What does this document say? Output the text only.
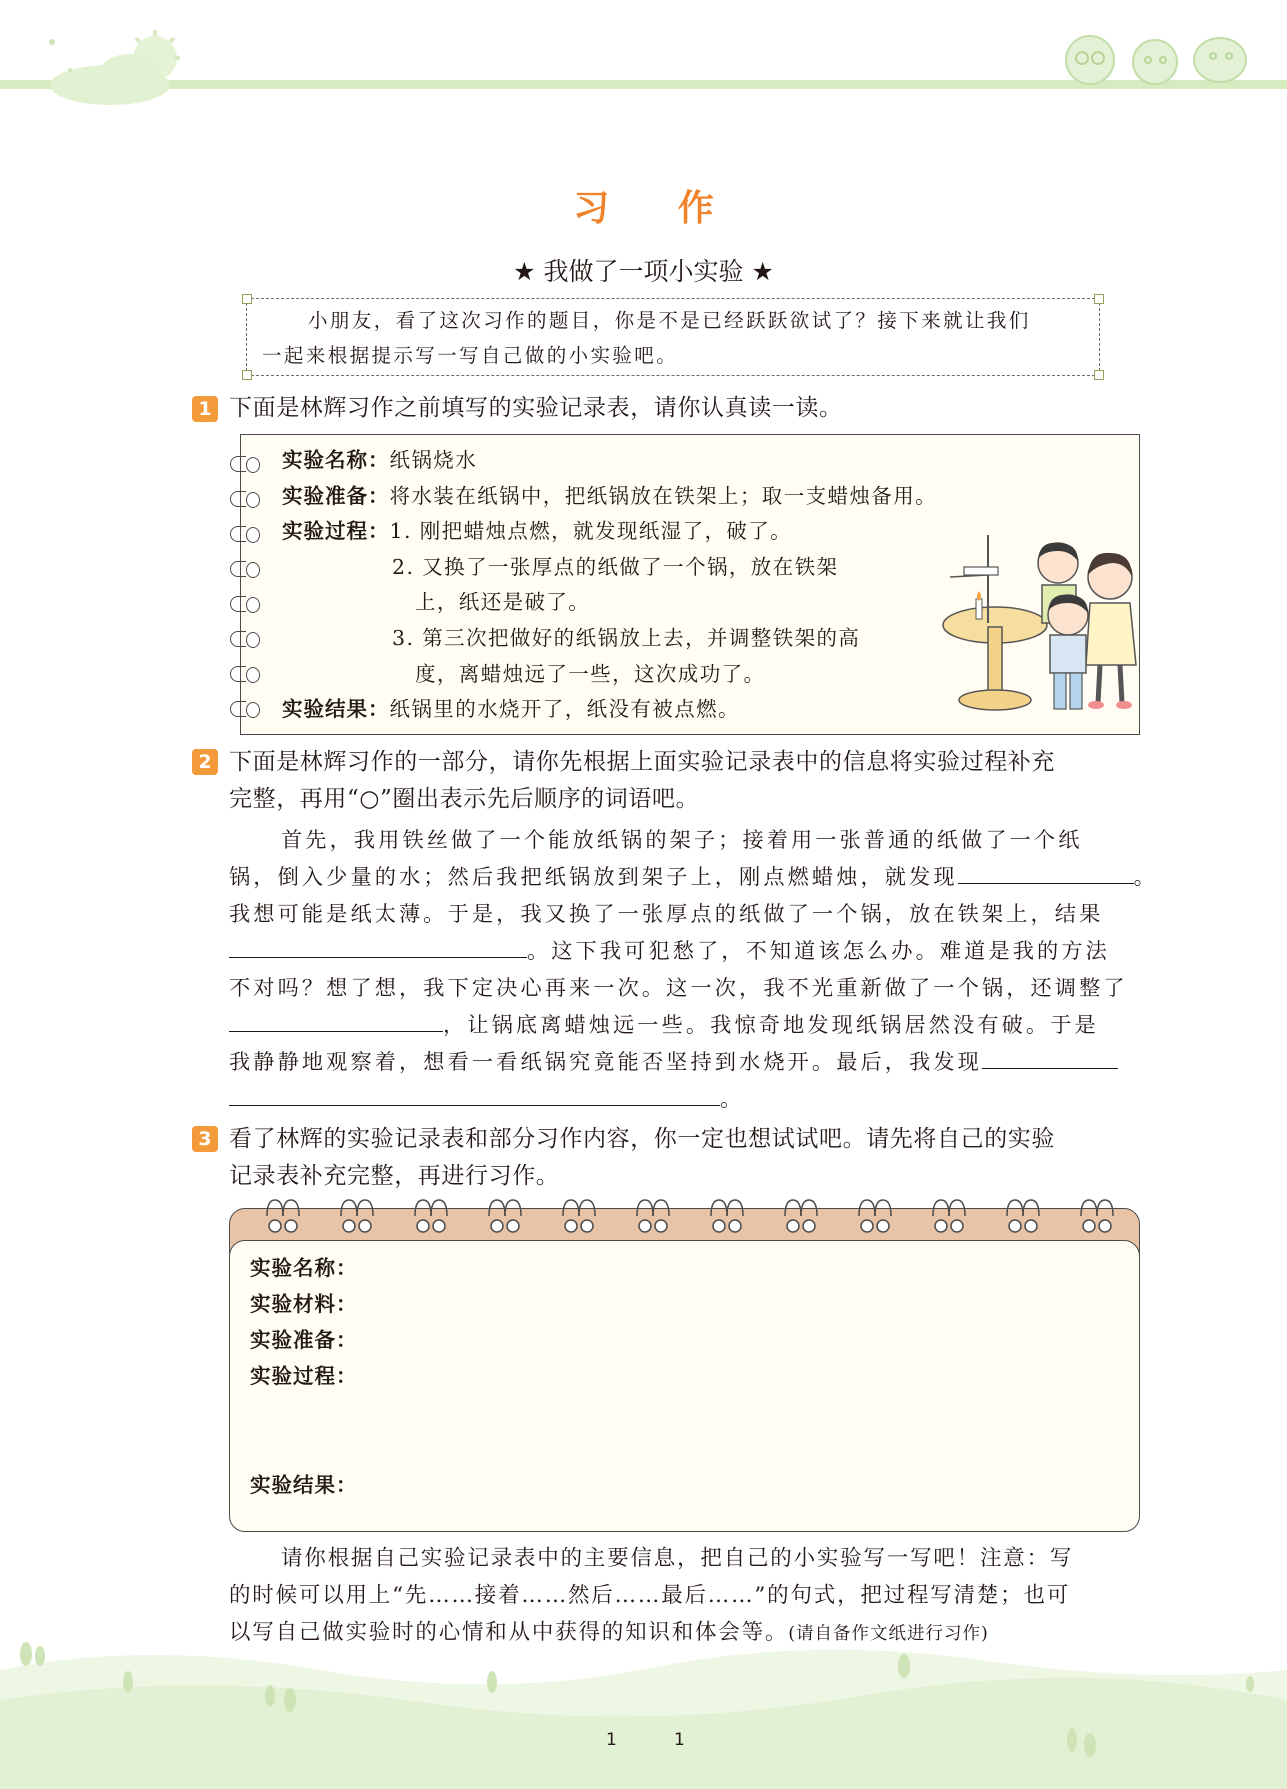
习 作
★ 我做了一项小实验 ★
小朋友，看了这次习作的题目，你是不是已经跃跃欲试了？接下来就让我们
一起来根据提示写一写自己做的小实验吧。
1 下面是林辉习作之前填写的实验记录表，请你认真读一读。
实验名称：纸锅烧水
实验准备：将水装在纸锅中，把纸锅放在铁架上；取一支蜡烛备用。
实验过程：1. 刚把蜡烛点燃，就发现纸湿了，破了。
2. 又换了一张厚点的纸做了一个锅，放在铁架
上，纸还是破了。
3. 第三次把做好的纸锅放上去，并调整铁架的高
度，离蜡烛远了一些，这次成功了。
实验结果：纸锅里的水烧开了，纸没有被点燃。
2 下面是林辉习作的一部分，请你先根据上面实验记录表中的信息将实验过程补充
完整，再用“○”圈出表示先后顺序的词语吧。
首先，我用铁丝做了一个能放纸锅的架子；接着用一张普通的纸做了一个纸
锅，倒入少量的水；然后我把纸锅放到架子上，刚点燃蜡烛，就发现	。
我想可能是纸太薄。于是，我又换了一张厚点的纸做了一个锅，放在铁架上，结果
。这下我可犯愁了，不知道该怎么办。难道是我的方法
不对吗？想了想，我下定决心再来一次。这一次，我不光重新做了一个锅，还调整了
，让锅底离蜡烛远一些。我惊奇地发现纸锅居然没有破。于是
我静静地观察着，想看一看纸锅究竟能否坚持到水烧开。最后，我发现
。
3 看了林辉的实验记录表和部分习作内容，你一定也想试试吧。请先将自己的实验
记录表补充完整，再进行习作。
实验名称：
实验材料：
实验准备：
实验过程：
实验结果：
请你根据自己实验记录表中的主要信息，把自己的小实验写一写吧！注意：写
的时候可以用上“先……接着……然后……最后……”的句式，把过程写清楚；也可
以写自己做实验时的心情和从中获得的知识和体会等。(请自备作文纸进行习作)
1	1
